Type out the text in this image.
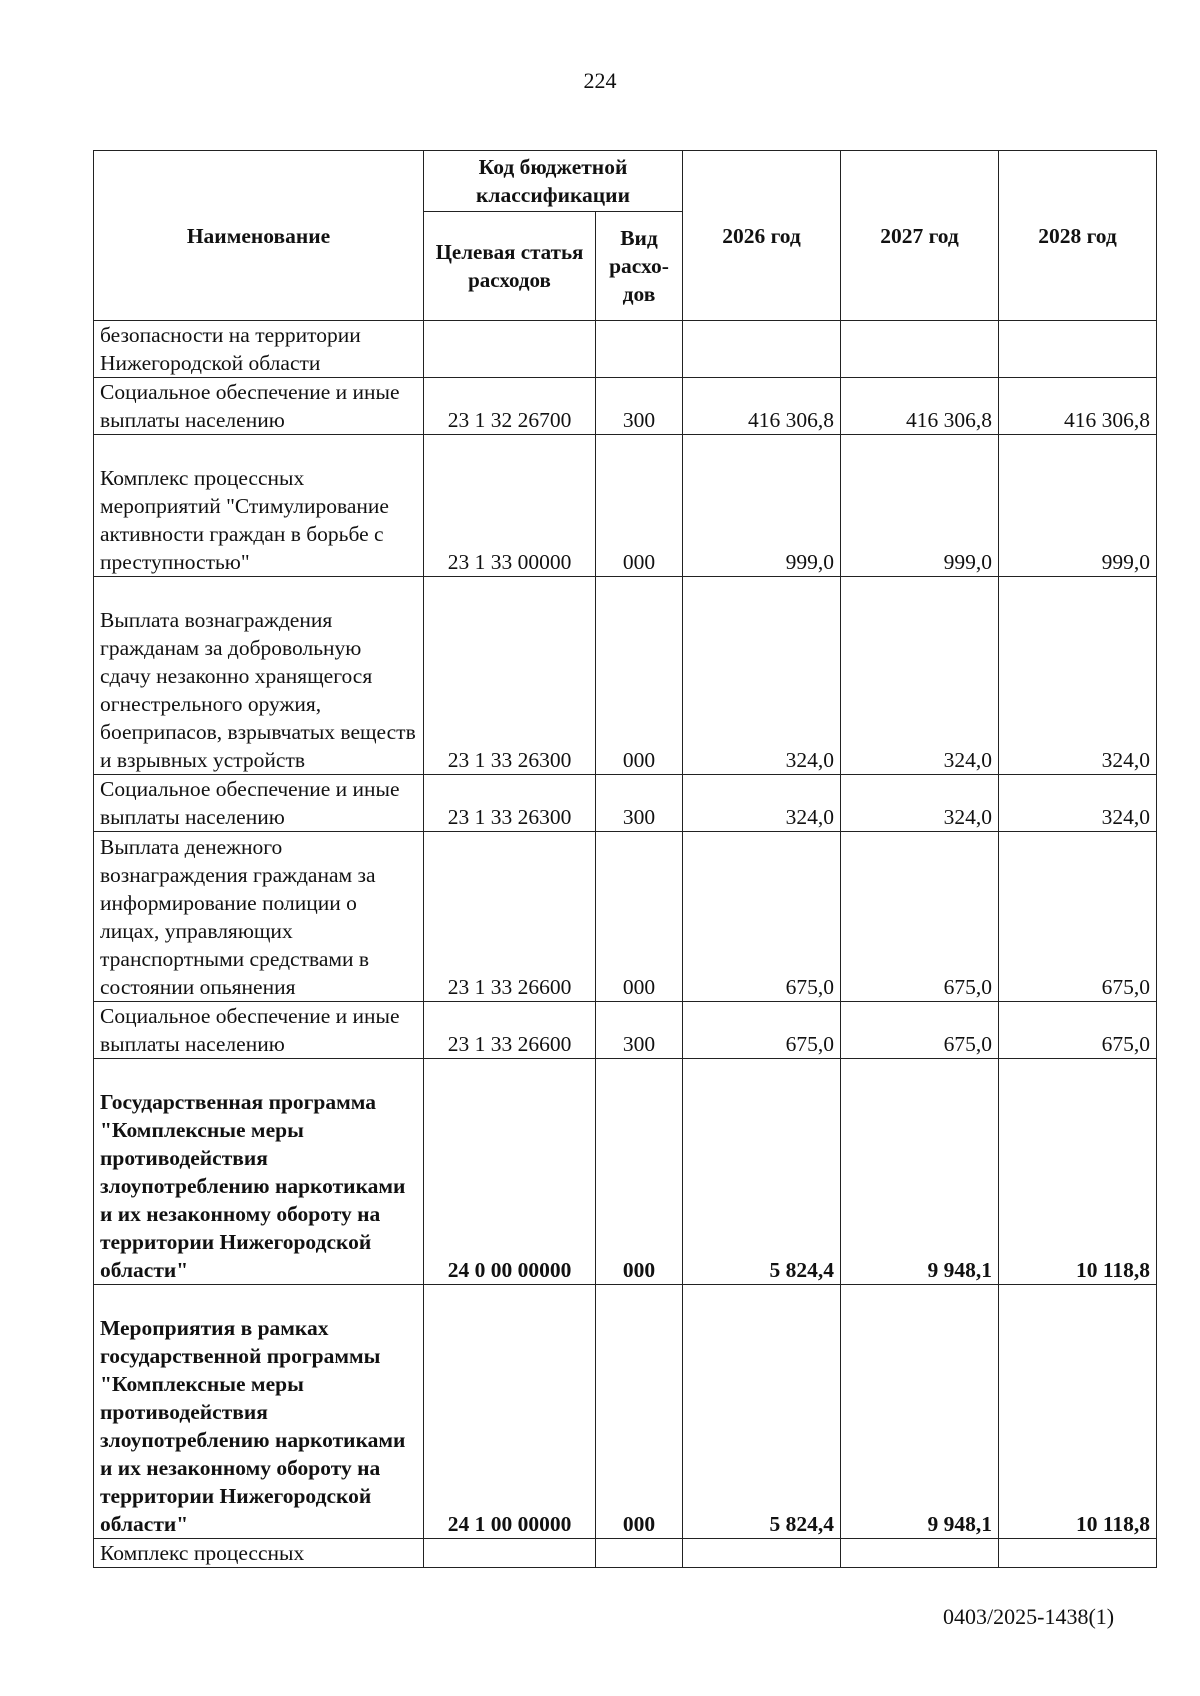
224
Наименование	Код бюджетной классификации		2026 год	2027 год	2028 год
	Целевая статья расходов	Вид расхо-дов			
безопасности на территории Нижегородской области					
Социальное обеспечение и иные выплаты населению	23 1 32 26700	300	416 306,8	416 306,8	416 306,8
Комплекс процессных мероприятий "Стимулирование активности граждан в борьбе с преступностью"	23 1 33 00000	000	999,0	999,0	999,0
Выплата вознаграждения гражданам за добровольную сдачу незаконно хранящегося огнестрельного оружия, боеприпасов, взрывчатых веществ и взрывных устройств	23 1 33 26300	000	324,0	324,0	324,0
Социальное обеспечение и иные выплаты населению	23 1 33 26300	300	324,0	324,0	324,0
Выплата денежного вознаграждения гражданам за информирование полиции о лицах, управляющих транспортными средствами в состоянии опьянения	23 1 33 26600	000	675,0	675,0	675,0
Социальное обеспечение и иные выплаты населению	23 1 33 26600	300	675,0	675,0	675,0
Государственная программа "Комплексные меры противодействия злоупотреблению наркотиками и их незаконному обороту на территории Нижегородской области"	24 0 00 00000	000	5 824,4	9 948,1	10 118,8
Мероприятия в рамках государственной программы "Комплексные меры противодействия злоупотреблению наркотиками и их незаконному обороту на территории Нижегородской области"	24 1 00 00000	000	5 824,4	9 948,1	10 118,8
Комплекс процессных					
0403/2025-1438(1)
